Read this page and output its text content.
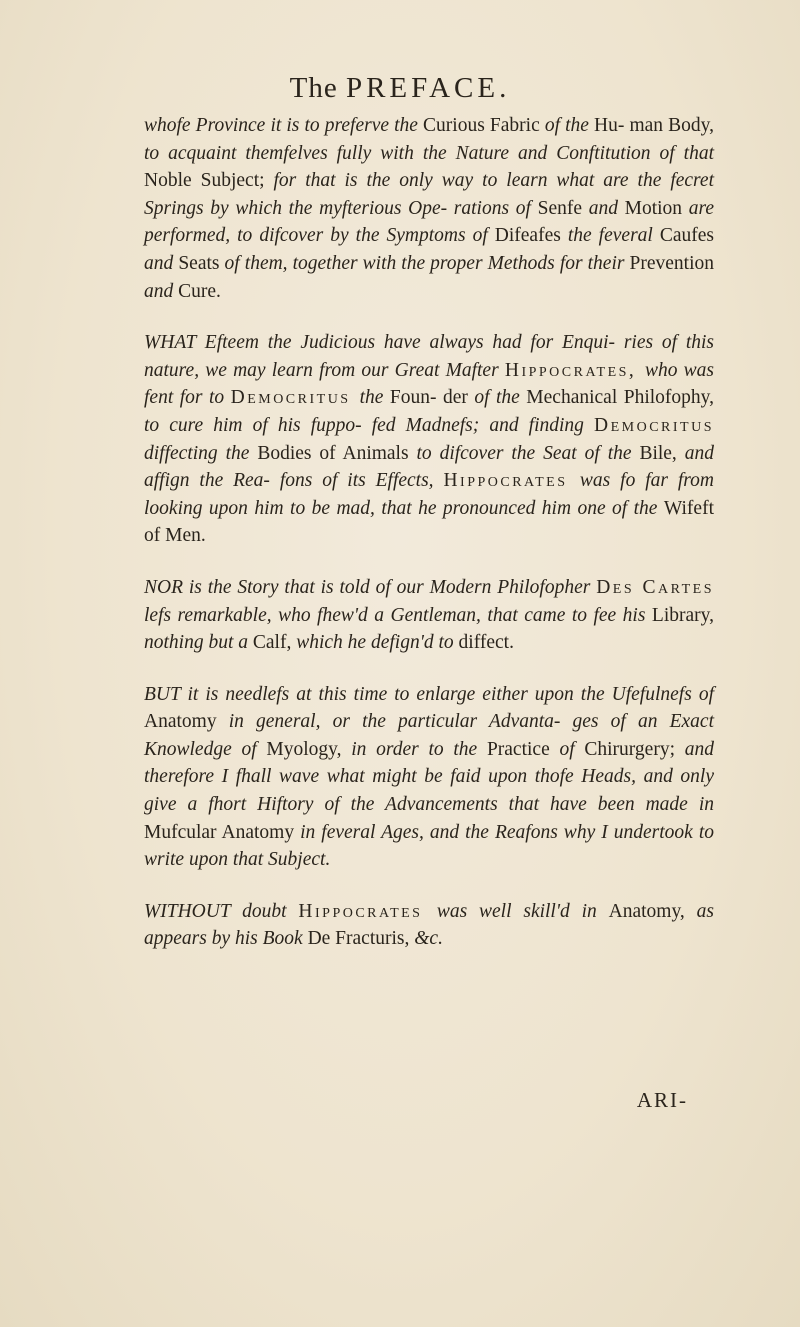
The PREFACE.

whofe Province it is to preferve the Curious Fabric of the Hu- man Body, to acquaint themfelves fully with the Nature and Conftitution of that Noble Subject; for that is the only way to learn what are the fecret Springs by which the myfterious Ope- rations of Senfe and Motion are performed, to difcover by the Symptoms of Difeafes the feveral Caufes and Seats of them, together with the proper Methods for their Prevention and Cure.

WHAT Efteem the Judicious have always had for Enqui- ries of this nature, we may learn from our Great Mafter Hippocrates, who was fent for to Democritus the Foun- der of the Mechanical Philofophy, to cure him of his fuppo- fed Madnefs; and finding Democritus diffecting the Bodies of Animals to difcover the Seat of the Bile, and affign the Rea- fons of its Effects, Hippocrates was fo far from looking upon him to be mad, that he pronounced him one of the Wifeft of Men.

NOR is the Story that is told of our Modern Philofopher Des Cartes lefs remarkable, who fhew'd a Gentleman, that came to fee his Library, nothing but a Calf, which he defign'd to diffect.

BUT it is needlefs at this time to enlarge either upon the Ufefulnefs of Anatomy in general, or the particular Advanta- ges of an Exact Knowledge of Myology, in order to the Practice of Chirurgery; and therefore I fhall wave what might be faid upon thofe Heads, and only give a fhort Hiftory of the Advancements that have been made in Mufcular Anatomy in feveral Ages, and the Reafons why I undertook to write upon that Subject.

WITHOUT doubt Hippocrates was well skill'd in Anatomy, as appears by his Book De Fracturis, &c.

ARI-
